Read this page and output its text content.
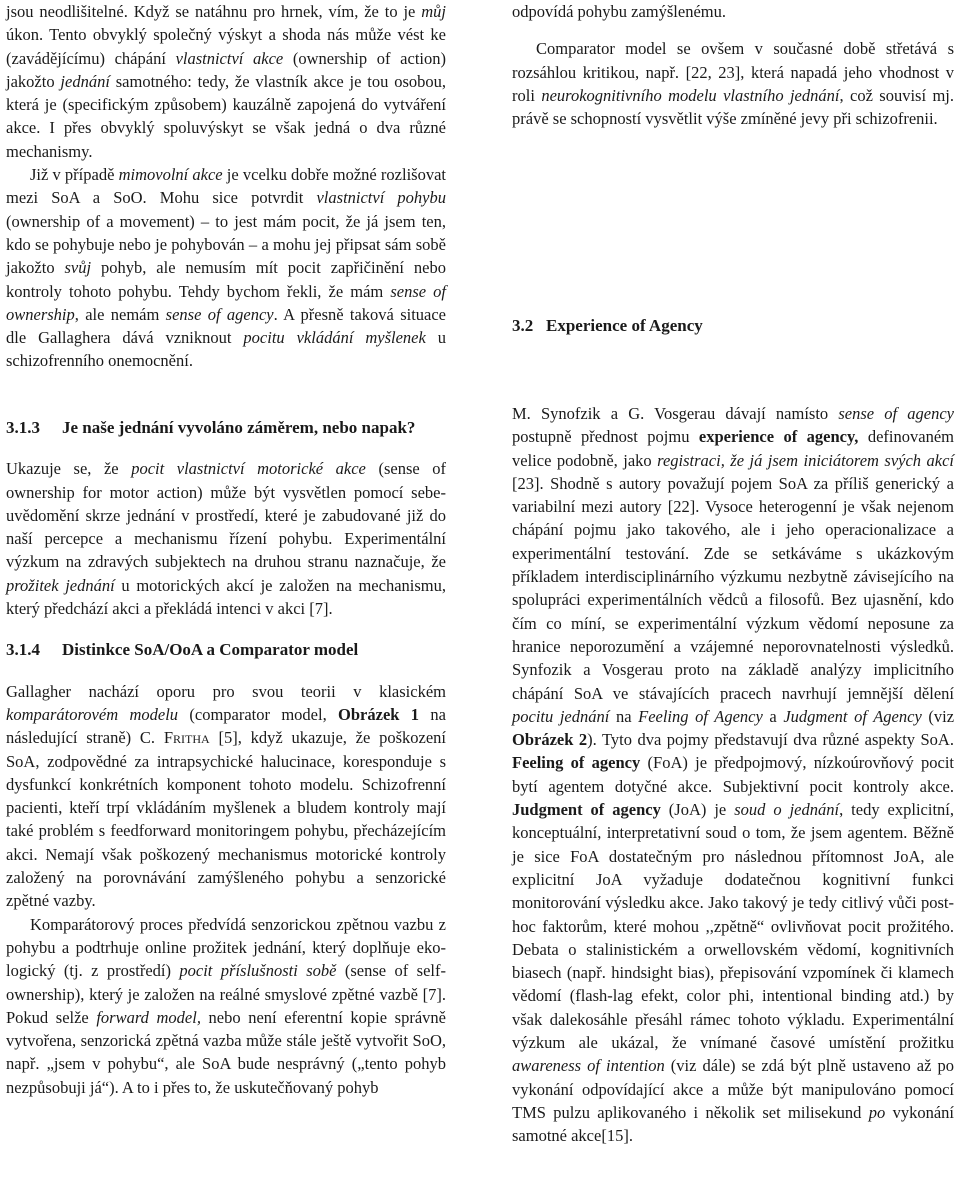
jsou neodlišitelné. Když se natáhnu pro hrnek, vím, že to je můj úkon. Tento obvyklý společný výskyt a shoda nás může vést ke (zavádějícímu) chápání vlastnictví akce (ownership of action) jakožto jednání samotného: tedy, že vlastník akce je tou osobou, která je (specifickým způsobem) kauzálně zapojená do vytváření akce. I přes obvyklý spoluvýskyt se však jedná o dva různé mechanismy.

Již v případě mimovolní akce je vcelku dobře možné rozlišovat mezi SoA a SoO. Mohu sice potvrdit vlastnictví pohybu (ownership of a movement) – to jest mám pocit, že já jsem ten, kdo se pohybuje nebo je pohybován – a mohu jej připsat sám sobě jakožto svůj pohyb, ale nemusím mít pocit zapřičinění nebo kontroly tohoto pohybu. Tehdy bychom řekli, že mám sense of ownership, ale nemám sense of agency. A přesně taková situace dle Gallaghera dává vzniknout pocitu vkládání myšlenek u schizofrenního onemocnění.

3.1.3	Je naše jednání vyvoláno záměrem, nebo napak?

Ukazuje se, že pocit vlastnictví motorické akce (sense of ownership for motor action) může být vysvětlen pomocí sebe-uvědomění skrze jednání v prostředí, které je zabudované již do naší percepce a mechanismu řízení pohybu. Experimentální výzkum na zdravých subjektech na druhou stranu naznačuje, že prožitek jednání u motorických akcí je založen na mechanismu, který předchází akci a překládá intenci v akci [7].

3.1.4	Distinkce SoA/OoA a Comparator model

Gallagher nachází oporu pro svou teorii v klasickém komparátorovém modelu (comparator model, Obrázek 1 na následující straně) C. Fritha [5], když ukazuje, že poškození SoA, zodpovědné za intrapsychické halucinace, koresponduje s dysfunkcí konkrétních komponent tohoto modelu. Schizofrenní pacienti, kteří trpí vkládáním myšlenek a bludem kontroly mají také problém s feedforward monitoringem pohybu, přecházejícím akci. Nemají však poškozený mechanismus motorické kontroly založený na porovnávání zamýšleného pohybu a senzorické zpětné vazby.

Komparátorový proces předvídá senzorickou zpětnou vazbu z pohybu a podtrhuje online prožitek jednání, který doplňuje eko-logický (tj. z prostředí) pocit příslušnosti sobě (sense of self-ownership), který je založen na reálné smyslové zpětné vazbě [7]. Pokud selže forward model, nebo není eferentní kopie správně vytvořena, senzorická zpětná vazba může stále ještě vytvořit SoO, např. „jsem v pohybu“, ale SoA bude nesprávný („tento pohyb nezpůsobuji já“). A to i přes to, že uskutečňovaný pohyb

odpovídá pohybu zamýšlenému.

Comparator model se ovšem v současné době střetává s rozsáhlou kritikou, např. [22, 23], která napadá jeho vhodnost v roli neurokognitivního modelu vlastního jednání, což souvisí mj. právě se schopností vysvětlit výše zmíněné jevy při schizofrenii.

3.2   Experience of Agency

M. Synofzik a G. Vosgerau dávají namísto sense of agency postupně přednost pojmu experience of agency, definovaném velice podobně, jako registraci, že já jsem iniciátorem svých akcí [23]. Shodně s autory považují pojem SoA za příliš generický a variabilní mezi autory [22]. Vysoce heterogenní je však nejenom chápání pojmu jako takového, ale i jeho operacionalizace a experimentální testování. Zde se setkáváme s ukázkovým příkladem interdisciplinárního výzkumu nezbytně závisejícího na spolupráci experimentálních vědců a filosofů. Bez ujasnění, kdo čím co míní, se experimentální výzkum vědomí neposune za hranice neporozumění a vzájemné neporovnatelnosti výsledků. Synfozik a Vosgerau proto na základě analýzy implicitního chápání SoA ve stávajících pracech navrhují jemnější dělení pocitu jednání na Feeling of Agency a Judgment of Agency (viz Obrázek 2). Tyto dva pojmy představují dva různé aspekty SoA. Feeling of agency (FoA) je předpojmový, nízkoúrovňový pocit bytí agentem dotyčné akce. Subjektivní pocit kontroly akce. Judgment of agency (JoA) je soud o jednání, tedy explicitní, konceptuální, interpretativní soud o tom, že jsem agentem. Běžně je sice FoA dostatečným pro následnou přítomnost JoA, ale explicitní JoA vyžaduje dodatečnou kognitivní funkci monitorování výsledku akce. Jako takový je tedy citlivý vůči post-hoc faktorům, které mohou ,,zpětně“ ovlivňovat pocit prožitého. Debata o stalinistickém a orwellovském vědomí, kognitivních biasech (např. hindsight bias), přepisování vzpomínek či klamech vědomí (flash-lag efekt, color phi, intentional binding atd.) by však dalekosáhle přesáhl rámec tohoto výkladu. Experimentální výzkum ale ukázal, že vnímané časové umístění prožitku awareness of intention (viz dále) se zdá být plně ustaveno až po vykonání odpovídající akce a může být manipulováno pomocí TMS pulzu aplikovaného i několik set milisekund po vykonání samotné akce[15].
